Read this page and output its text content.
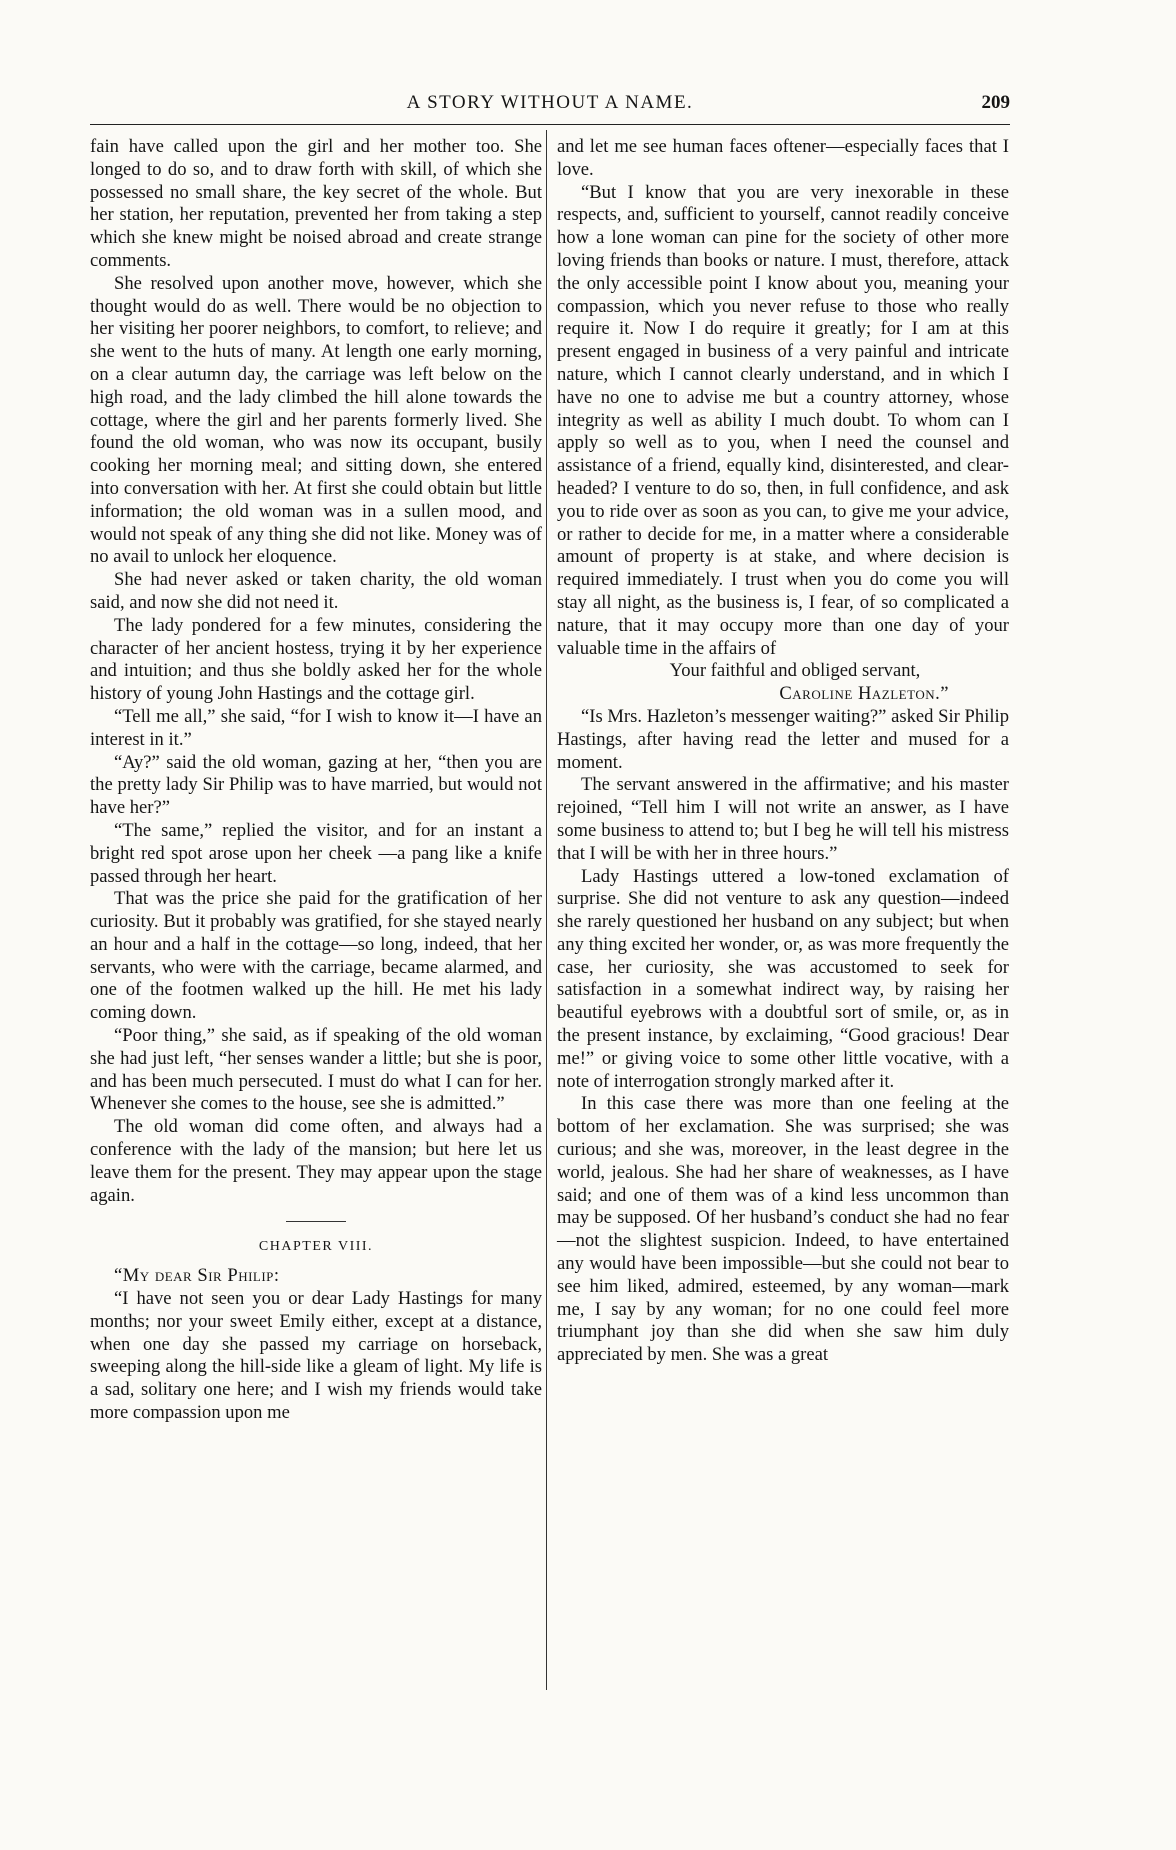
A STORY WITHOUT A NAME.	209

fain have called upon the girl and her mother too. She longed to do so, and to draw forth with skill, of which she possessed no small share, the key secret of the whole. But her station, her reputation, prevented her from taking a step which she knew might be noised abroad and create strange comments.

She resolved upon another move, however, which she thought would do as well. There would be no objection to her visiting her poorer neighbors, to comfort, to relieve; and she went to the huts of many. At length one early morning, on a clear autumn day, the carriage was left below on the high road, and the lady climbed the hill alone towards the cottage, where the girl and her parents formerly lived. She found the old woman, who was now its occupant, busily cooking her morning meal; and sitting down, she entered into conversation with her. At first she could obtain but little information; the old woman was in a sullen mood, and would not speak of any thing she did not like. Money was of no avail to unlock her eloquence.

She had never asked or taken charity, the old woman said, and now she did not need it.

The lady pondered for a few minutes, considering the character of her ancient hostess, trying it by her experience and intuition; and thus she boldly asked her for the whole history of young John Hastings and the cottage girl.

“Tell me all,” she said, “for I wish to know it—I have an interest in it.”

“Ay?” said the old woman, gazing at her, “then you are the pretty lady Sir Philip was to have married, but would not have her?”

“The same,” replied the visitor, and for an instant a bright red spot arose upon her cheek —a pang like a knife passed through her heart.

That was the price she paid for the gratification of her curiosity. But it probably was gratified, for she stayed nearly an hour and a half in the cottage—so long, indeed, that her servants, who were with the carriage, became alarmed, and one of the footmen walked up the hill. He met his lady coming down.

“Poor thing,” she said, as if speaking of the old woman she had just left, “her senses wander a little; but she is poor, and has been much persecuted. I must do what I can for her. Whenever she comes to the house, see she is admitted.”

The old woman did come often, and always had a conference with the lady of the mansion; but here let us leave them for the present. They may appear upon the stage again.

CHAPTER VIII.

“My dear Sir Philip:

“I have not seen you or dear Lady Hastings for many months; nor your sweet Emily either, except at a distance, when one day she passed my carriage on horseback, sweeping along the hill-side like a gleam of light. My life is a sad, solitary one here; and I wish my friends would take more compassion upon me

and let me see human faces oftener—especially faces that I love.

“But I know that you are very inexorable in these respects, and, sufficient to yourself, cannot readily conceive how a lone woman can pine for the society of other more loving friends than books or nature. I must, therefore, attack the only accessible point I know about you, meaning your compassion, which you never refuse to those who really require it. Now I do require it greatly; for I am at this present engaged in business of a very painful and intricate nature, which I cannot clearly understand, and in which I have no one to advise me but a country attorney, whose integrity as well as ability I much doubt. To whom can I apply so well as to you, when I need the counsel and assistance of a friend, equally kind, disinterested, and clear-headed? I venture to do so, then, in full confidence, and ask you to ride over as soon as you can, to give me your advice, or rather to decide for me, in a matter where a considerable amount of property is at stake, and where decision is required immediately. I trust when you do come you will stay all night, as the business is, I fear, of so complicated a nature, that it may occupy more than one day of your valuable time in the affairs of

Your faithful and obliged servant,

Caroline Hazleton.”

“Is Mrs. Hazleton’s messenger waiting?” asked Sir Philip Hastings, after having read the letter and mused for a moment.

The servant answered in the affirmative; and his master rejoined, “Tell him I will not write an answer, as I have some business to attend to; but I beg he will tell his mistress that I will be with her in three hours.”

Lady Hastings uttered a low-toned exclamation of surprise. She did not venture to ask any question—indeed she rarely questioned her husband on any subject; but when any thing excited her wonder, or, as was more frequently the case, her curiosity, she was accustomed to seek for satisfaction in a somewhat indirect way, by raising her beautiful eyebrows with a doubtful sort of smile, or, as in the present instance, by exclaiming, “Good gracious! Dear me!” or giving voice to some other little vocative, with a note of interrogation strongly marked after it.

In this case there was more than one feeling at the bottom of her exclamation. She was surprised; she was curious; and she was, moreover, in the least degree in the world, jealous. She had her share of weaknesses, as I have said; and one of them was of a kind less uncommon than may be supposed. Of her husband’s conduct she had no fear—not the slightest suspicion. Indeed, to have entertained any would have been impossible—but she could not bear to see him liked, admired, esteemed, by any woman—mark me, I say by any woman; for no one could feel more triumphant joy than she did when she saw him duly appreciated by men. She was a great
